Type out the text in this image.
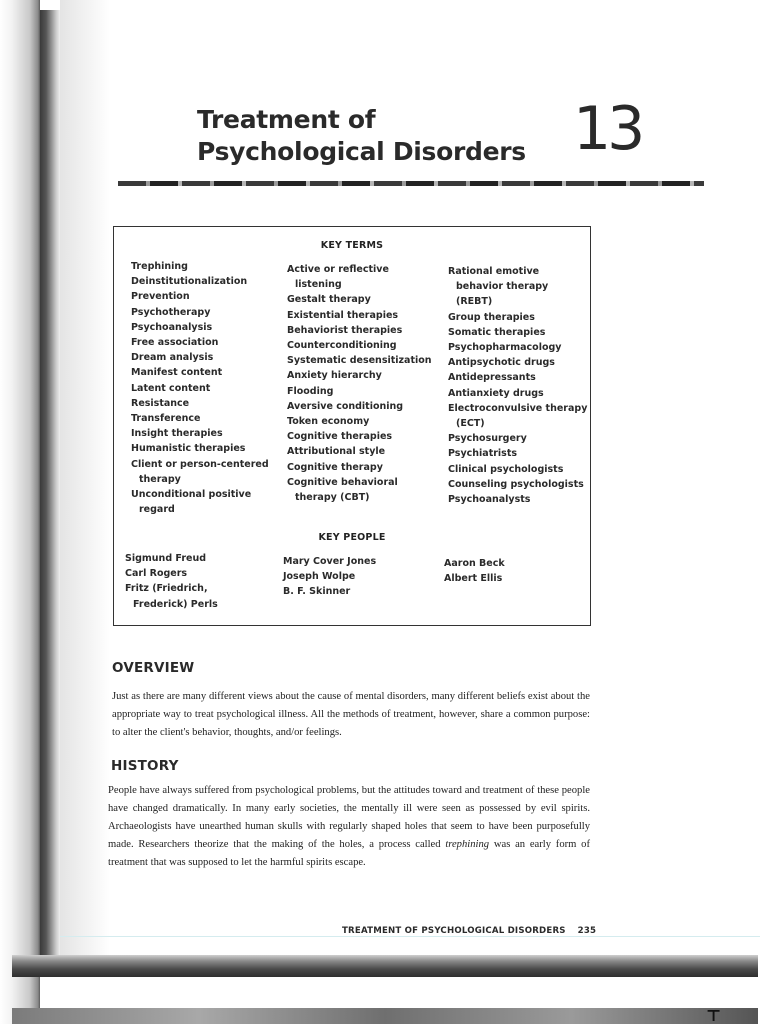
⊤
Treatment of
Psychological Disorders 13
KEY TERMS
Trephining
Deinstitutionalization
Prevention
Psychotherapy
Psychoanalysis
Free association
Dream analysis
Manifest content
Latent content
Resistance
Transference
Insight therapies
Humanistic therapies
Client or person-centered
therapy
Unconditional positive
regard
Active or reflective
listening
Gestalt therapy
Existential therapies
Behaviorist therapies
Counterconditioning
Systematic desensitization
Anxiety hierarchy
Flooding
Aversive conditioning
Token economy
Cognitive therapies
Attributional style
Cognitive therapy
Cognitive behavioral
therapy (CBT)
Rational emotive
behavior therapy
(REBT)
Group therapies
Somatic therapies
Psychopharmacology
Antipsychotic drugs
Antidepressants
Antianxiety drugs
Electroconvulsive therapy
(ECT)
Psychosurgery
Psychiatrists
Clinical psychologists
Counseling psychologists
Psychoanalysts
KEY PEOPLE
Sigmund Freud
Carl Rogers
Fritz (Friedrich,
Frederick) Perls
Mary Cover Jones
Joseph Wolpe
B. F. Skinner
Aaron Beck
Albert Ellis
OVERVIEW

Just as there are many different views about the cause of mental disorders, many different beliefs exist about the appropriate way to treat psychological illness. All the methods of treatment, however, share a common purpose: to alter the client's behavior, thoughts, and/or feelings.

HISTORY

People have always suffered from psychological problems, but the attitudes toward and treatment of these people have changed dramatically. In many early societies, the mentally ill were seen as possessed by evil spirits. Archaeologists have unearthed human skulls with regularly shaped holes that seem to have been purposefully made. Researchers theorize that the making of the holes, a process called trephining was an early form of treatment that was supposed to let the harmful spirits escape.

TREATMENT OF PSYCHOLOGICAL DISORDERS 235
